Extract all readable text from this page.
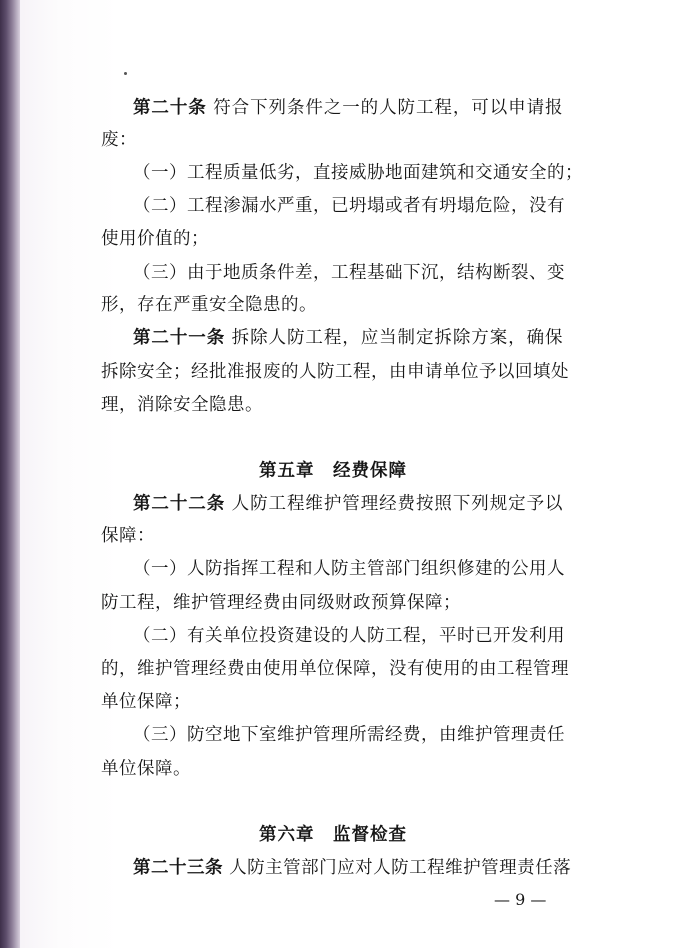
第二十条 符合下列条件之一的人防工程，可以申请报
废：
（一）工程质量低劣，直接威胁地面建筑和交通安全的；
（二）工程渗漏水严重，已坍塌或者有坍塌危险，没有
使用价值的；
（三）由于地质条件差，工程基础下沉，结构断裂、变
形，存在严重安全隐患的。
第二十一条 拆除人防工程，应当制定拆除方案，确保
拆除安全；经批准报废的人防工程，由申请单位予以回填处
理，消除安全隐患。
第五章　经费保障
第二十二条 人防工程维护管理经费按照下列规定予以
保障：
（一）人防指挥工程和人防主管部门组织修建的公用人
防工程，维护管理经费由同级财政预算保障；
（二）有关单位投资建设的人防工程，平时已开发利用
的，维护管理经费由使用单位保障，没有使用的由工程管理
单位保障；
（三）防空地下室维护管理所需经费，由维护管理责任
单位保障。
第六章　监督检查
第二十三条 人防主管部门应对人防工程维护管理责任落
— 9 —
